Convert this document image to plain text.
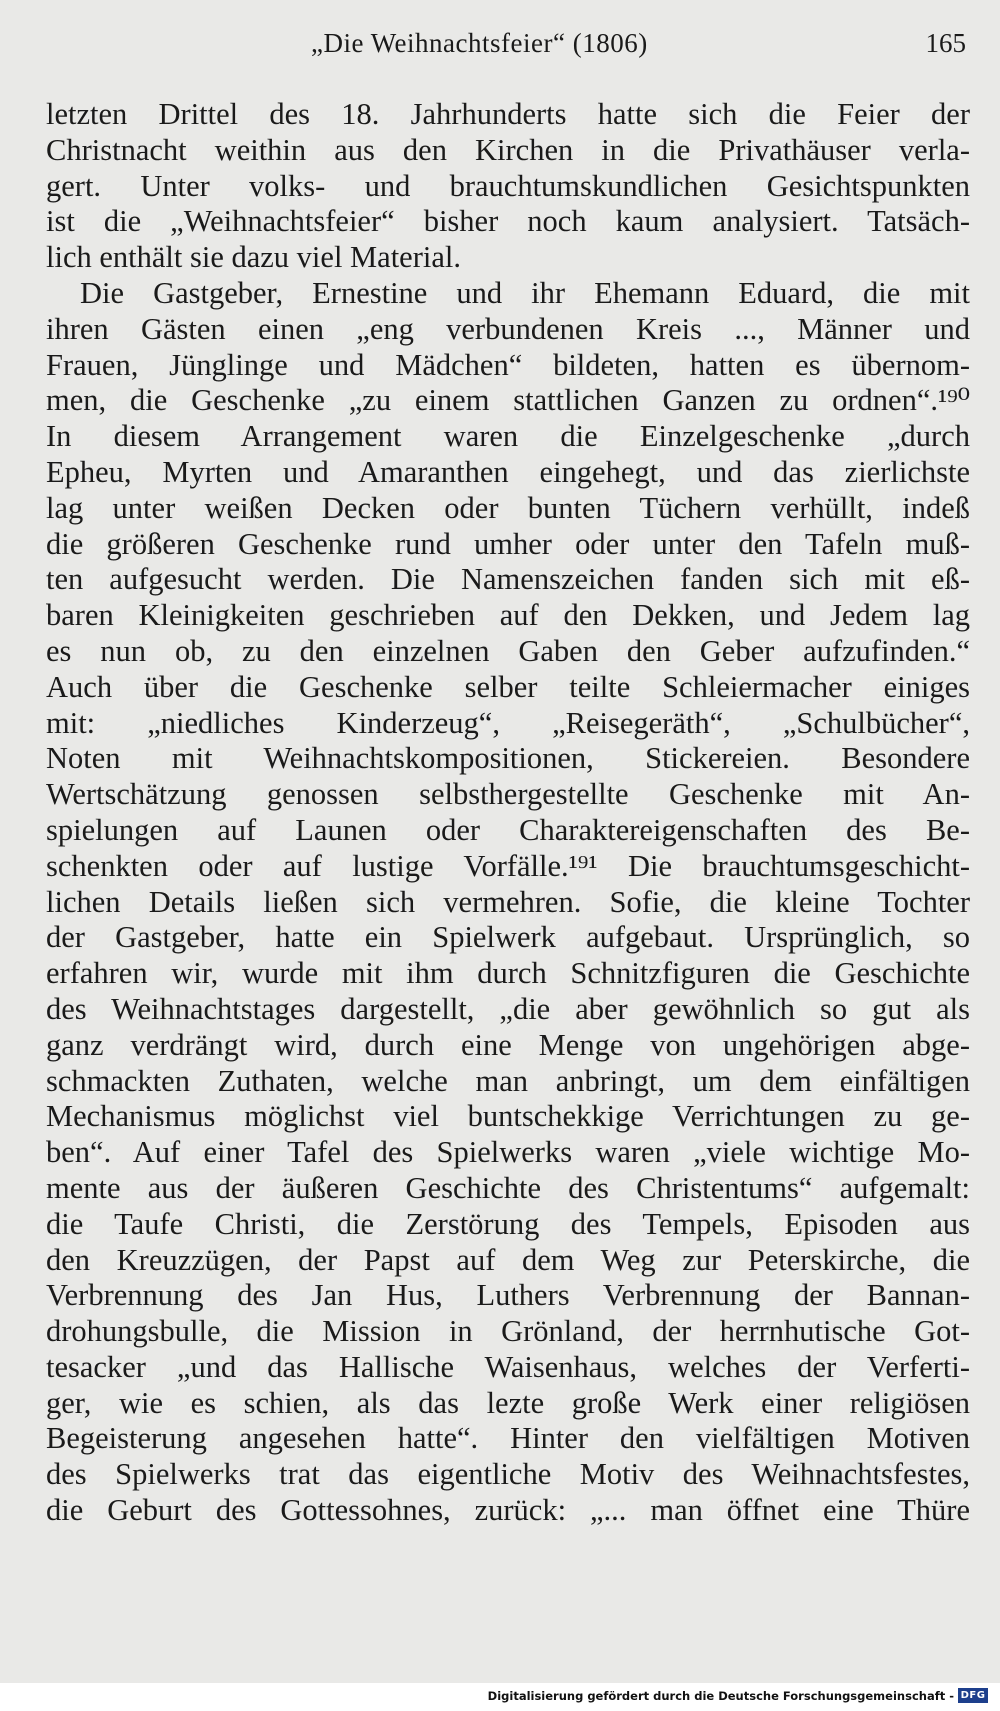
„Die Weihnachtsfeier“ (1806)	165
letzten Drittel des 18. Jahrhunderts hatte sich die Feier der
Christnacht weithin aus den Kirchen in die Privathäuser verla-
gert. Unter volks- und brauchtumskundlichen Gesichtspunkten
ist die „Weihnachtsfeier“ bisher noch kaum analysiert. Tatsäch-
lich enthält sie dazu viel Material.
Die Gastgeber, Ernestine und ihr Ehemann Eduard, die mit
ihren Gästen einen „eng verbundenen Kreis ..., Männer und
Frauen, Jünglinge und Mädchen“ bildeten, hatten es übernom-
men, die Geschenke „zu einem stattlichen Ganzen zu ordnen“.¹⁹⁰
In diesem Arrangement waren die Einzelgeschenke „durch
Epheu, Myrten und Amaranthen eingehegt, und das zierlichste
lag unter weißen Decken oder bunten Tüchern verhüllt, indeß
die größeren Geschenke rund umher oder unter den Tafeln muß-
ten aufgesucht werden. Die Namenszeichen fanden sich mit eß-
baren Kleinigkeiten geschrieben auf den Dekken, und Jedem lag
es nun ob, zu den einzelnen Gaben den Geber aufzufinden.“
Auch über die Geschenke selber teilte Schleiermacher einiges
mit: „niedliches Kinderzeug“, „Reisegeräth“, „Schulbücher“,
Noten mit Weihnachtskompositionen, Stickereien. Besondere
Wertschätzung genossen selbsthergestellte Geschenke mit An-
spielungen auf Launen oder Charaktereigenschaften des Be-
schenkten oder auf lustige Vorfälle.¹⁹¹ Die brauchtumsgeschicht-
lichen Details ließen sich vermehren. Sofie, die kleine Tochter
der Gastgeber, hatte ein Spielwerk aufgebaut. Ursprünglich, so
erfahren wir, wurde mit ihm durch Schnitzfiguren die Geschichte
des Weihnachtstages dargestellt, „die aber gewöhnlich so gut als
ganz verdrängt wird, durch eine Menge von ungehörigen abge-
schmackten Zuthaten, welche man anbringt, um dem einfältigen
Mechanismus möglichst viel buntschekkige Verrichtungen zu ge-
ben“. Auf einer Tafel des Spielwerks waren „viele wichtige Mo-
mente aus der äußeren Geschichte des Christentums“ aufgemalt:
die Taufe Christi, die Zerstörung des Tempels, Episoden aus
den Kreuzzügen, der Papst auf dem Weg zur Peterskirche, die
Verbrennung des Jan Hus, Luthers Verbrennung der Bannan-
drohungsbulle, die Mission in Grönland, der herrnhutische Got-
tesacker „und das Hallische Waisenhaus, welches der Verferti-
ger, wie es schien, als das lezte große Werk einer religiösen
Begeisterung angesehen hatte“. Hinter den vielfältigen Motiven
des Spielwerks trat das eigentliche Motiv des Weihnachtsfestes,
die Geburt des Gottessohnes, zurück: „... man öffnet eine Thüre
Digitalisierung gefördert durch die Deutsche Forschungsgemeinschaft - DFG
